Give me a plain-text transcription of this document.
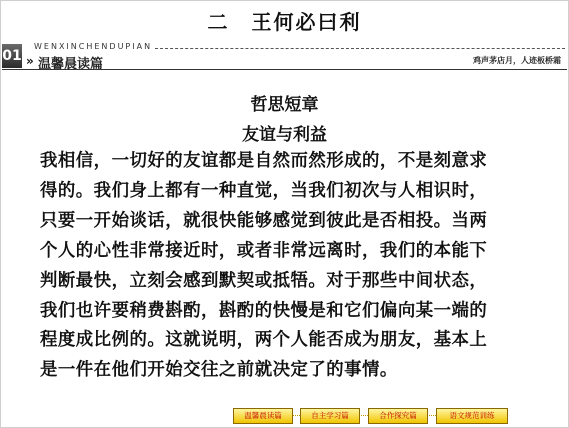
二　王何必曰利
01 »
WENXINCHENDUPIAN
温馨晨读篇	鸡声茅店月，人迹板桥霜
哲思短章
友谊与利益
我相信，一切好的友谊都是自然而然形成的，不是刻意求
得的。我们身上都有一种直觉，当我们初次与人相识时，
只要一开始谈话，就很快能够感觉到彼此是否相投。当两
个人的心性非常接近时，或者非常远离时，我们的本能下
判断最快，立刻会感到默契或抵牾。对于那些中间状态，
我们也许要稍费斟酌，斟酌的快慢是和它们偏向某一端的
程度成比例的。这就说明，两个人能否成为朋友，基本上
是一件在他们开始交往之前就决定了的事情。
温馨晨读篇	自主学习篇	合作探究篇	语文规范训练
